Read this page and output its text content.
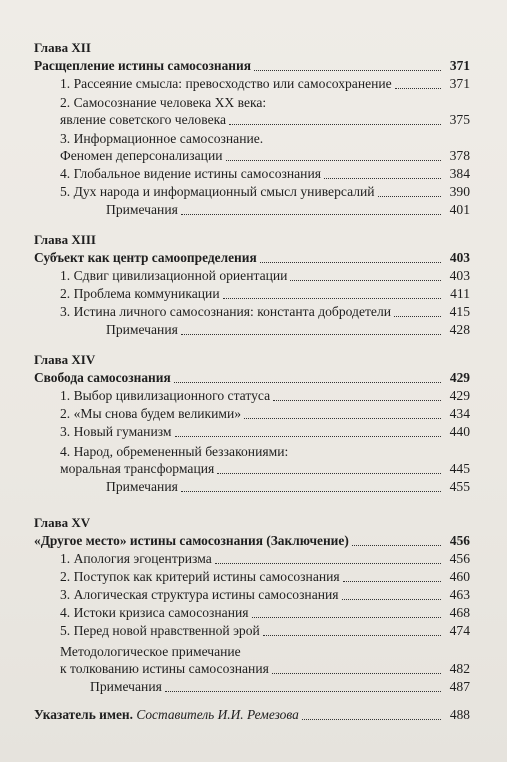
Глава XII
Расщепление истины самосознания	371
1. Рассеяние смысла: превосходство или самосохранение	371
2. Самосознание человека XX века:
явление советского человека	375
3. Информационное самосознание.
Феномен деперсонализации	378
4. Глобальное видение истины самосознания	384
5. Дух народа и информационный смысл универсалий	390
Примечания	401
Глава XIII
Субъект как центр самоопределения	403
1. Сдвиг цивилизационной ориентации	403
2. Проблема коммуникации	411
3. Истина личного самосознания: константа добродетели	415
Примечания	428
Глава XIV
Свобода самосознания	429
1. Выбор цивилизационного статуса	429
2. «Мы снова будем великими»	434
3. Новый гуманизм	440
4. Народ, обремененный беззакониями:
моральная трансформация	445
Примечания	455
Глава XV
«Другое место» истины самосознания (Заключение)	456
1. Апология эгоцентризма	456
2. Поступок как критерий истины самосознания	460
3. Алогическая структура истины самосознания	463
4. Истоки кризиса самосознания	468
5. Перед новой нравственной эрой	474
Методологическое примечание
к толкованию истины самосознания	482
Примечания	487
Указатель имен. Составитель И.И. Ремезова	488
